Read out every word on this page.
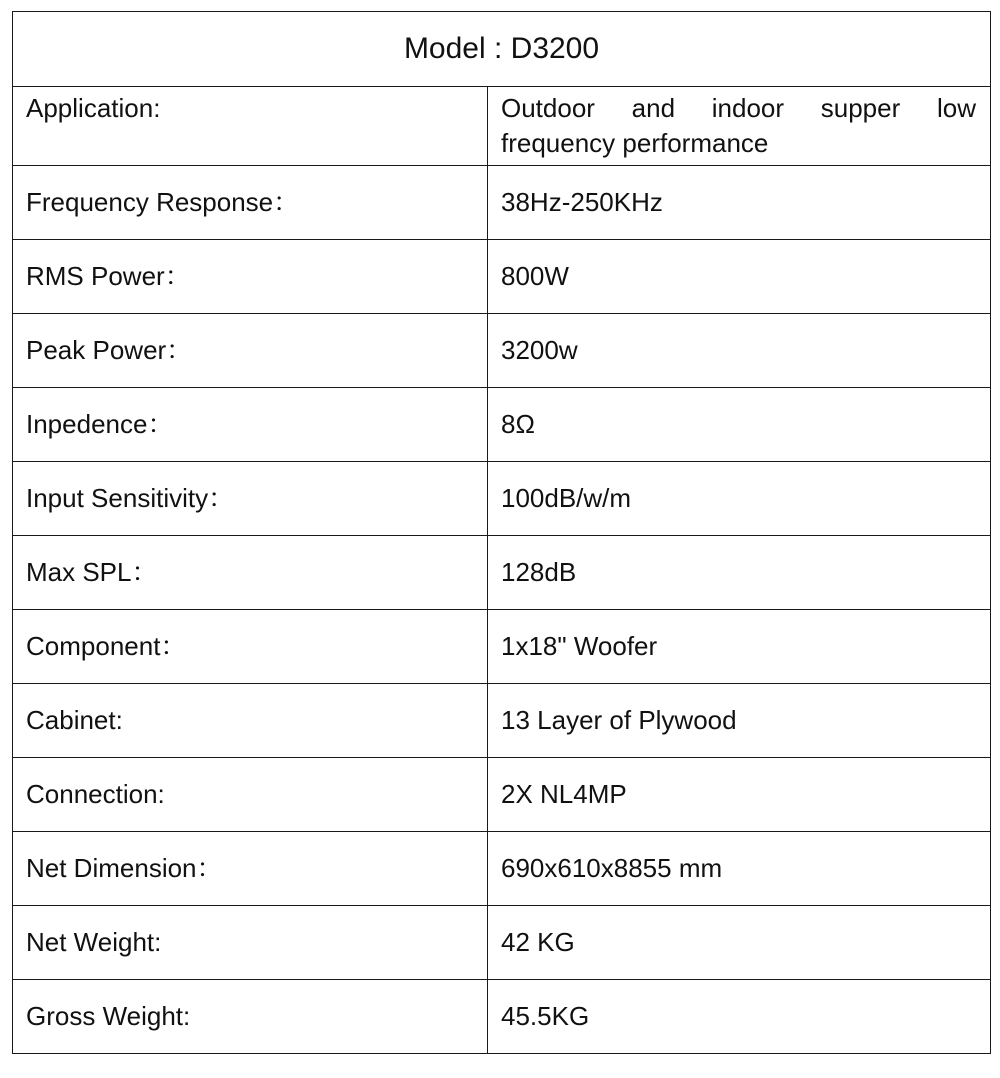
Model : D3200	
Application:	Outdoor and indoor supper low
frequency performance

Frequency Response：	38Hz-250KHz
RMS Power：	800W
Peak Power：	3200w
Inpedence：	8Ω
Input Sensitivity：	100dB/w/m
Max SPL：	128dB
Component：	1x18" Woofer
Cabinet:	13 Layer of Plywood
Connection:	2X NL4MP
Net Dimension：	690x610x8855 mm
Net Weight:	42 KG
Gross Weight:	45.5KG
